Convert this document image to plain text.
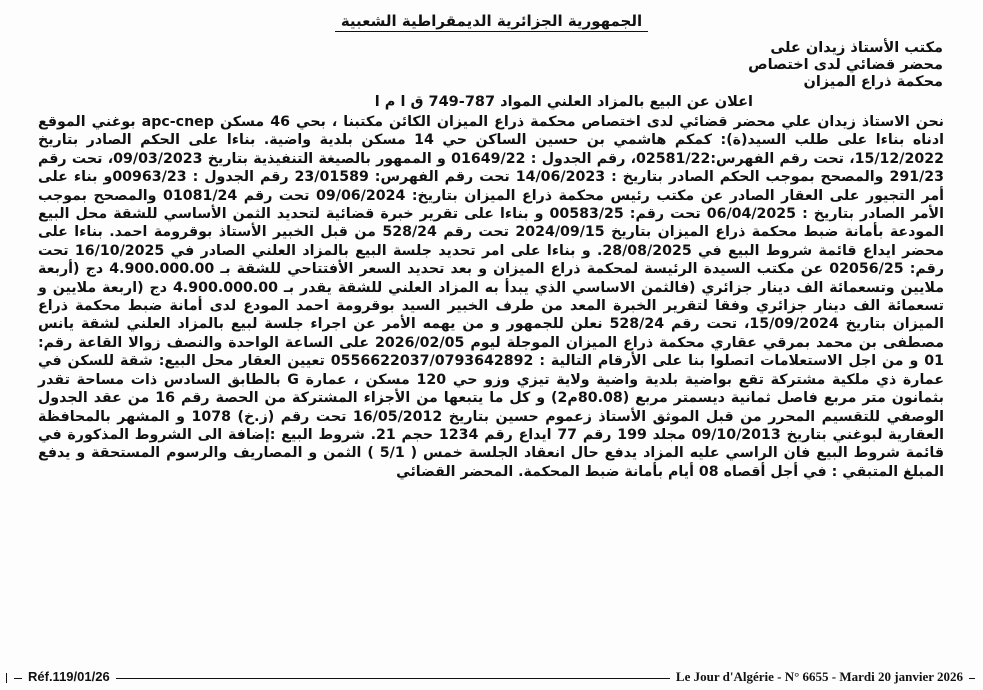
الجمهورية الجزائرية الديمقراطية الشعبية
مكتب الأستاذ زيدان على
محضر قضائي لدى اختصاص
محكمة ذراع الميزان
اعلان عن البيع بالمزاد العلني المواد 787-749 ق ا م ا

نحن الاستاذ زيدان علي محضر قضائي لدى اختصاص محكمة ذراع الميزان الكائن مكتبنا ، بحي 46 مسكن apc-cnep بوغني الموقع ادناه بناءا على طلب السيد(ة): كمكم هاشمي بن حسين الساكن حي 14 مسكن بلدية واضية. بناءا على الحكم الصادر بتاريخ 15/12/2022، تحت رقم الفهرس:02581/22، رقم الجدول : 01649/22 و الممهور بالصيغة التنفيذية بتاريخ 09/03/2023، تحت رقم 291/23 والمصحح بموجب الحكم الصادر بتاريخ : 14/06/2023 تحت رقم الفهرس: 23/01589 رقم الجدول : 00963/23و بناء على أمر التجيور على العقار الصادر عن مكتب رئيس محكمة ذراع الميزان بتاريخ: 09/06/2024 تحت رقم 01081/24 والمصحح بموجب الأمر الصادر بتاريخ : 06/04/2025 تحت رقم: 00583/25 و بناءا على تقرير خبرة قضائية لتحديد الثمن الأساسي للشقة محل البيع المودعة بأمانة ضبط محكمة ذراع الميزان بتاريخ 2024/09/15 تحت رقم 528/24 من قبل الخبير الأستاذ بوقرومة احمد. بناءا على محضر ايداع قائمة شروط البيع في 28/08/2025. و بناءا على امر تحديد جلسة البيع بالمزاد العلني الصادر في 16/10/2025 تحت رقم: 02056/25 عن مكتب السيدة الرئيسة لمحكمة ذراع الميزان و بعد تحديد السعر الأفتتاحي للشقة بـ 4.900.000.00 دج (أربعة ملايين وتسعمائة الف دينار جزائري (فالثمن الاساسي الذي يبدأ به المزاد العلني للشقة يقدر بـ 4.900.000.00 دج (اربعة ملايين و تسعمائة الف دينار جزائري وفقا لتقرير الخبرة المعد من طرف الخبير السيد بوقرومة احمد المودع لدى أمانة ضبط محكمة ذراع الميزان بتاريخ 15/09/2024، تحت رقم 528/24 نعلن للجمهور و من يهمه الأمر عن اجراء جلسة لبيع بالمزاد العلني لشقة يانس مصطفى بن محمد بمرقي عقاري محكمة ذراع الميزان الموجلة ليوم 2026/02/05 على الساعة الواحدة والنصف زوالا القاعة رقم: 01 و من اجل الاستعلامات اتصلوا بنا على الأرقام التالية : 0556622037/0793642892 تعيين العقار محل البيع: شقة للسكن في عمارة ذي ملكية مشتركة تقع بواضية بلدية واضية ولاية تيزي وزو حي 120 مسكن ، عمارة G بالطابق السادس ذات مساحة تقدر بثمانون متر مربع فاصل ثمانية ديسمتر مربع (80.08م2) و كل ما يتبعها من الأجزاء المشتركة من الحصة رقم 16 من عقد الجدول الوصفي للتقسيم المحرر من قبل الموثق الأستاذ زعموم حسين بتاريخ 16/05/2012 تحت رقم (ز.خ) 1078 و المشهر بالمحافظة العقارية لبوغني بتاريخ 09/10/2013 مجلد 199 رقم 77 ايداع رقم 1234 حجم 21. شروط البيع :إضافة الى الشروط المذكورة في قائمة شروط البيع فان الراسي عليه المزاد يدفع حال انعقاد الجلسة خمس ( 5/1 ) الثمن و المصاريف والرسوم المستحقة و يدفع المبلغ المتبقي : في أجل أقصاه 08 أيام بأمانة ضبط المحكمة. المحضر القضائي

Réf.119/01/26	Le Jour d'Algérie - N° 6655 - Mardi 20 janvier 2026
